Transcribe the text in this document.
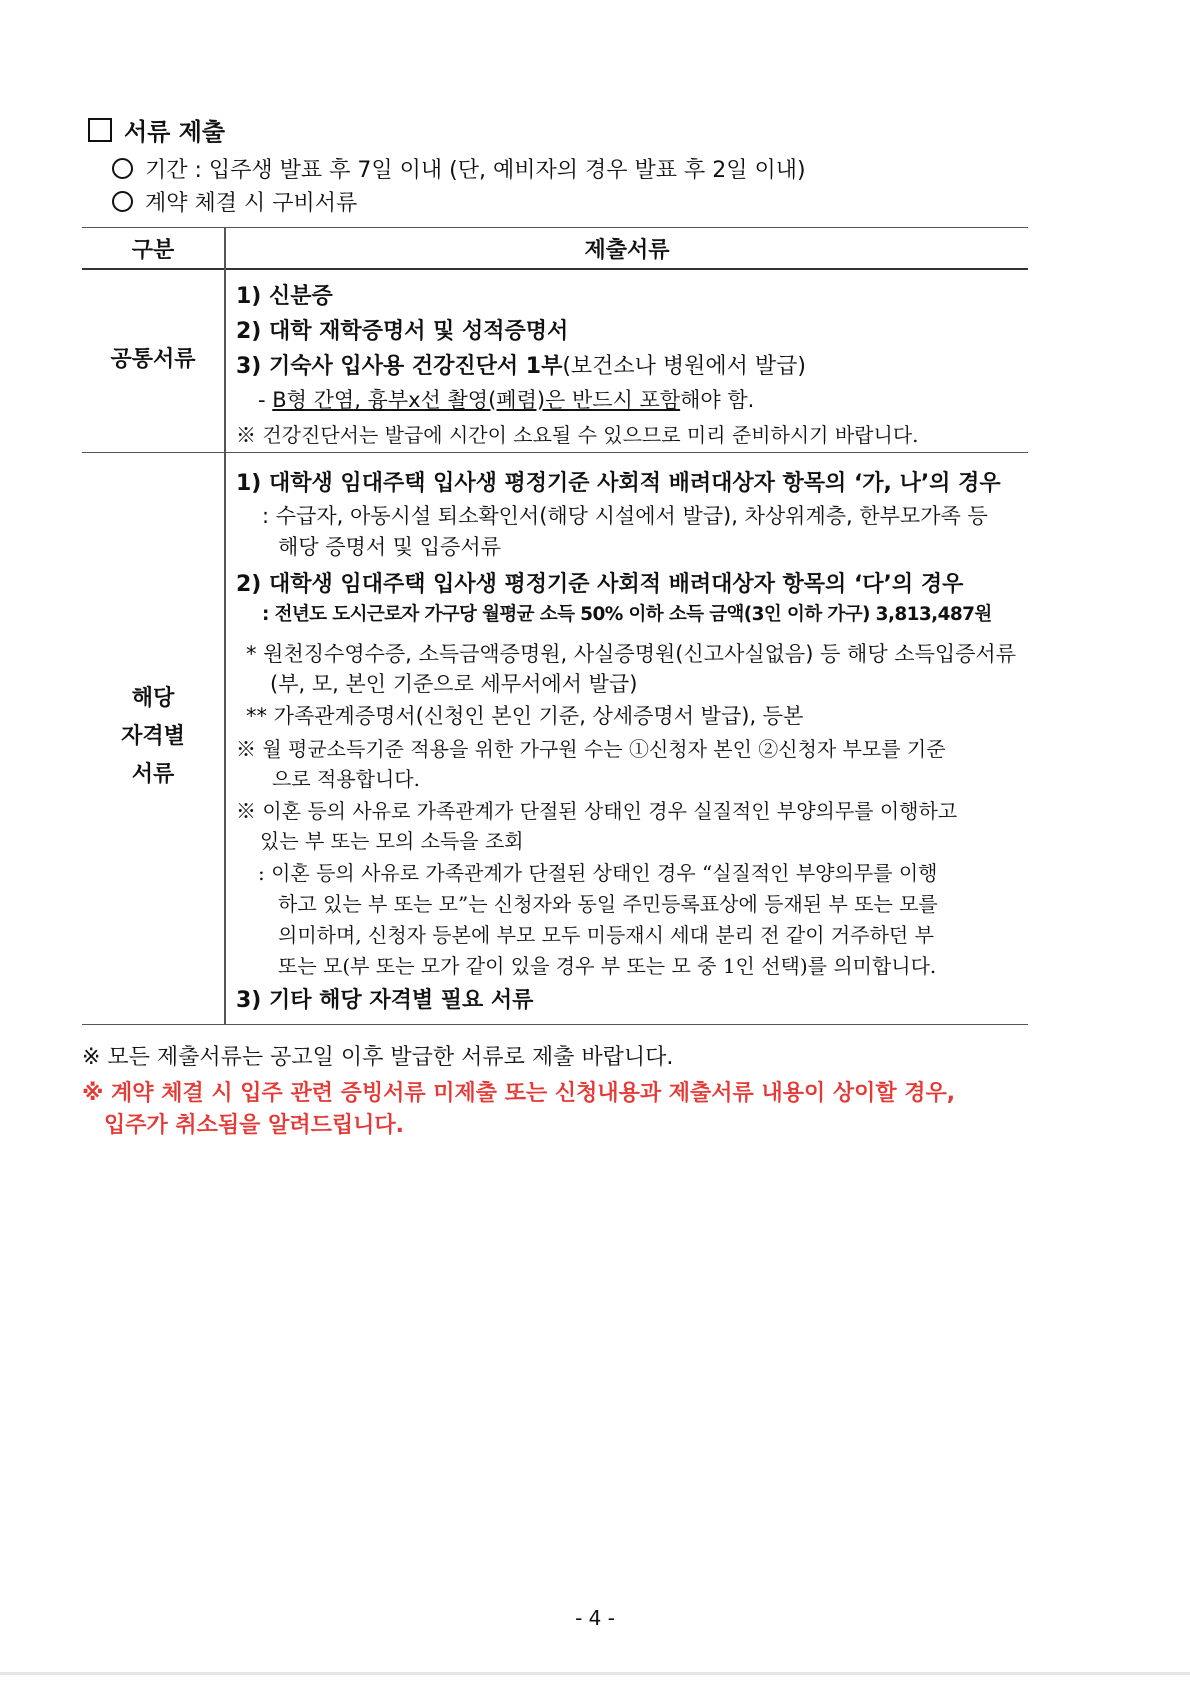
서류 제출
기간 : 입주생 발표 후 7일 이내 (단, 예비자의 경우 발표 후 2일 이내)
계약 체결 시 구비서류
구분	제출서류
공통서류
1) 신분증
2) 대학 재학증명서 및 성적증명서
3) 기숙사 입사용 건강진단서 1부(보건소나 병원에서 발급)
- B형 간염, 흉부x선 촬영(폐렴)은 반드시 포함해야 함.
※ 건강진단서는 발급에 시간이 소요될 수 있으므로 미리 준비하시기 바랍니다.
해당
자격별
서류
1) 대학생 임대주택 입사생 평정기준 사회적 배려대상자 항목의 ‘가, 나’의 경우
: 수급자, 아동시설 퇴소확인서(해당 시설에서 발급), 차상위계층, 한부모가족 등
해당 증명서 및 입증서류
2) 대학생 임대주택 입사생 평정기준 사회적 배려대상자 항목의 ‘다’의 경우
: 전년도 도시근로자 가구당 월평균 소득 50% 이하 소득 금액(3인 이하 가구) 3,813,487원
* 원천징수영수증, 소득금액증명원, 사실증명원(신고사실없음) 등 해당 소득입증서류
(부, 모, 본인 기준으로 세무서에서 발급)
** 가족관계증명서(신청인 본인 기준, 상세증명서 발급), 등본
※ 월 평균소득기준 적용을 위한 가구원 수는 ①신청자 본인 ②신청자 부모를 기준
으로 적용합니다.
※ 이혼 등의 사유로 가족관계가 단절된 상태인 경우 실질적인 부양의무를 이행하고
있는 부 또는 모의 소득을 조회
: 이혼 등의 사유로 가족관계가 단절된 상태인 경우 “실질적인 부양의무를 이행
하고 있는 부 또는 모”는 신청자와 동일 주민등록표상에 등재된 부 또는 모를
의미하며, 신청자 등본에 부모 모두 미등재시 세대 분리 전 같이 거주하던 부
또는 모(부 또는 모가 같이 있을 경우 부 또는 모 중 1인 선택)를 의미합니다.
3) 기타 해당 자격별 필요 서류
※ 모든 제출서류는 공고일 이후 발급한 서류로 제출 바랍니다.
※ 계약 체결 시 입주 관련 증빙서류 미제출 또는 신청내용과 제출서류 내용이 상이할 경우,
입주가 취소됨을 알려드립니다.
- 4 -
